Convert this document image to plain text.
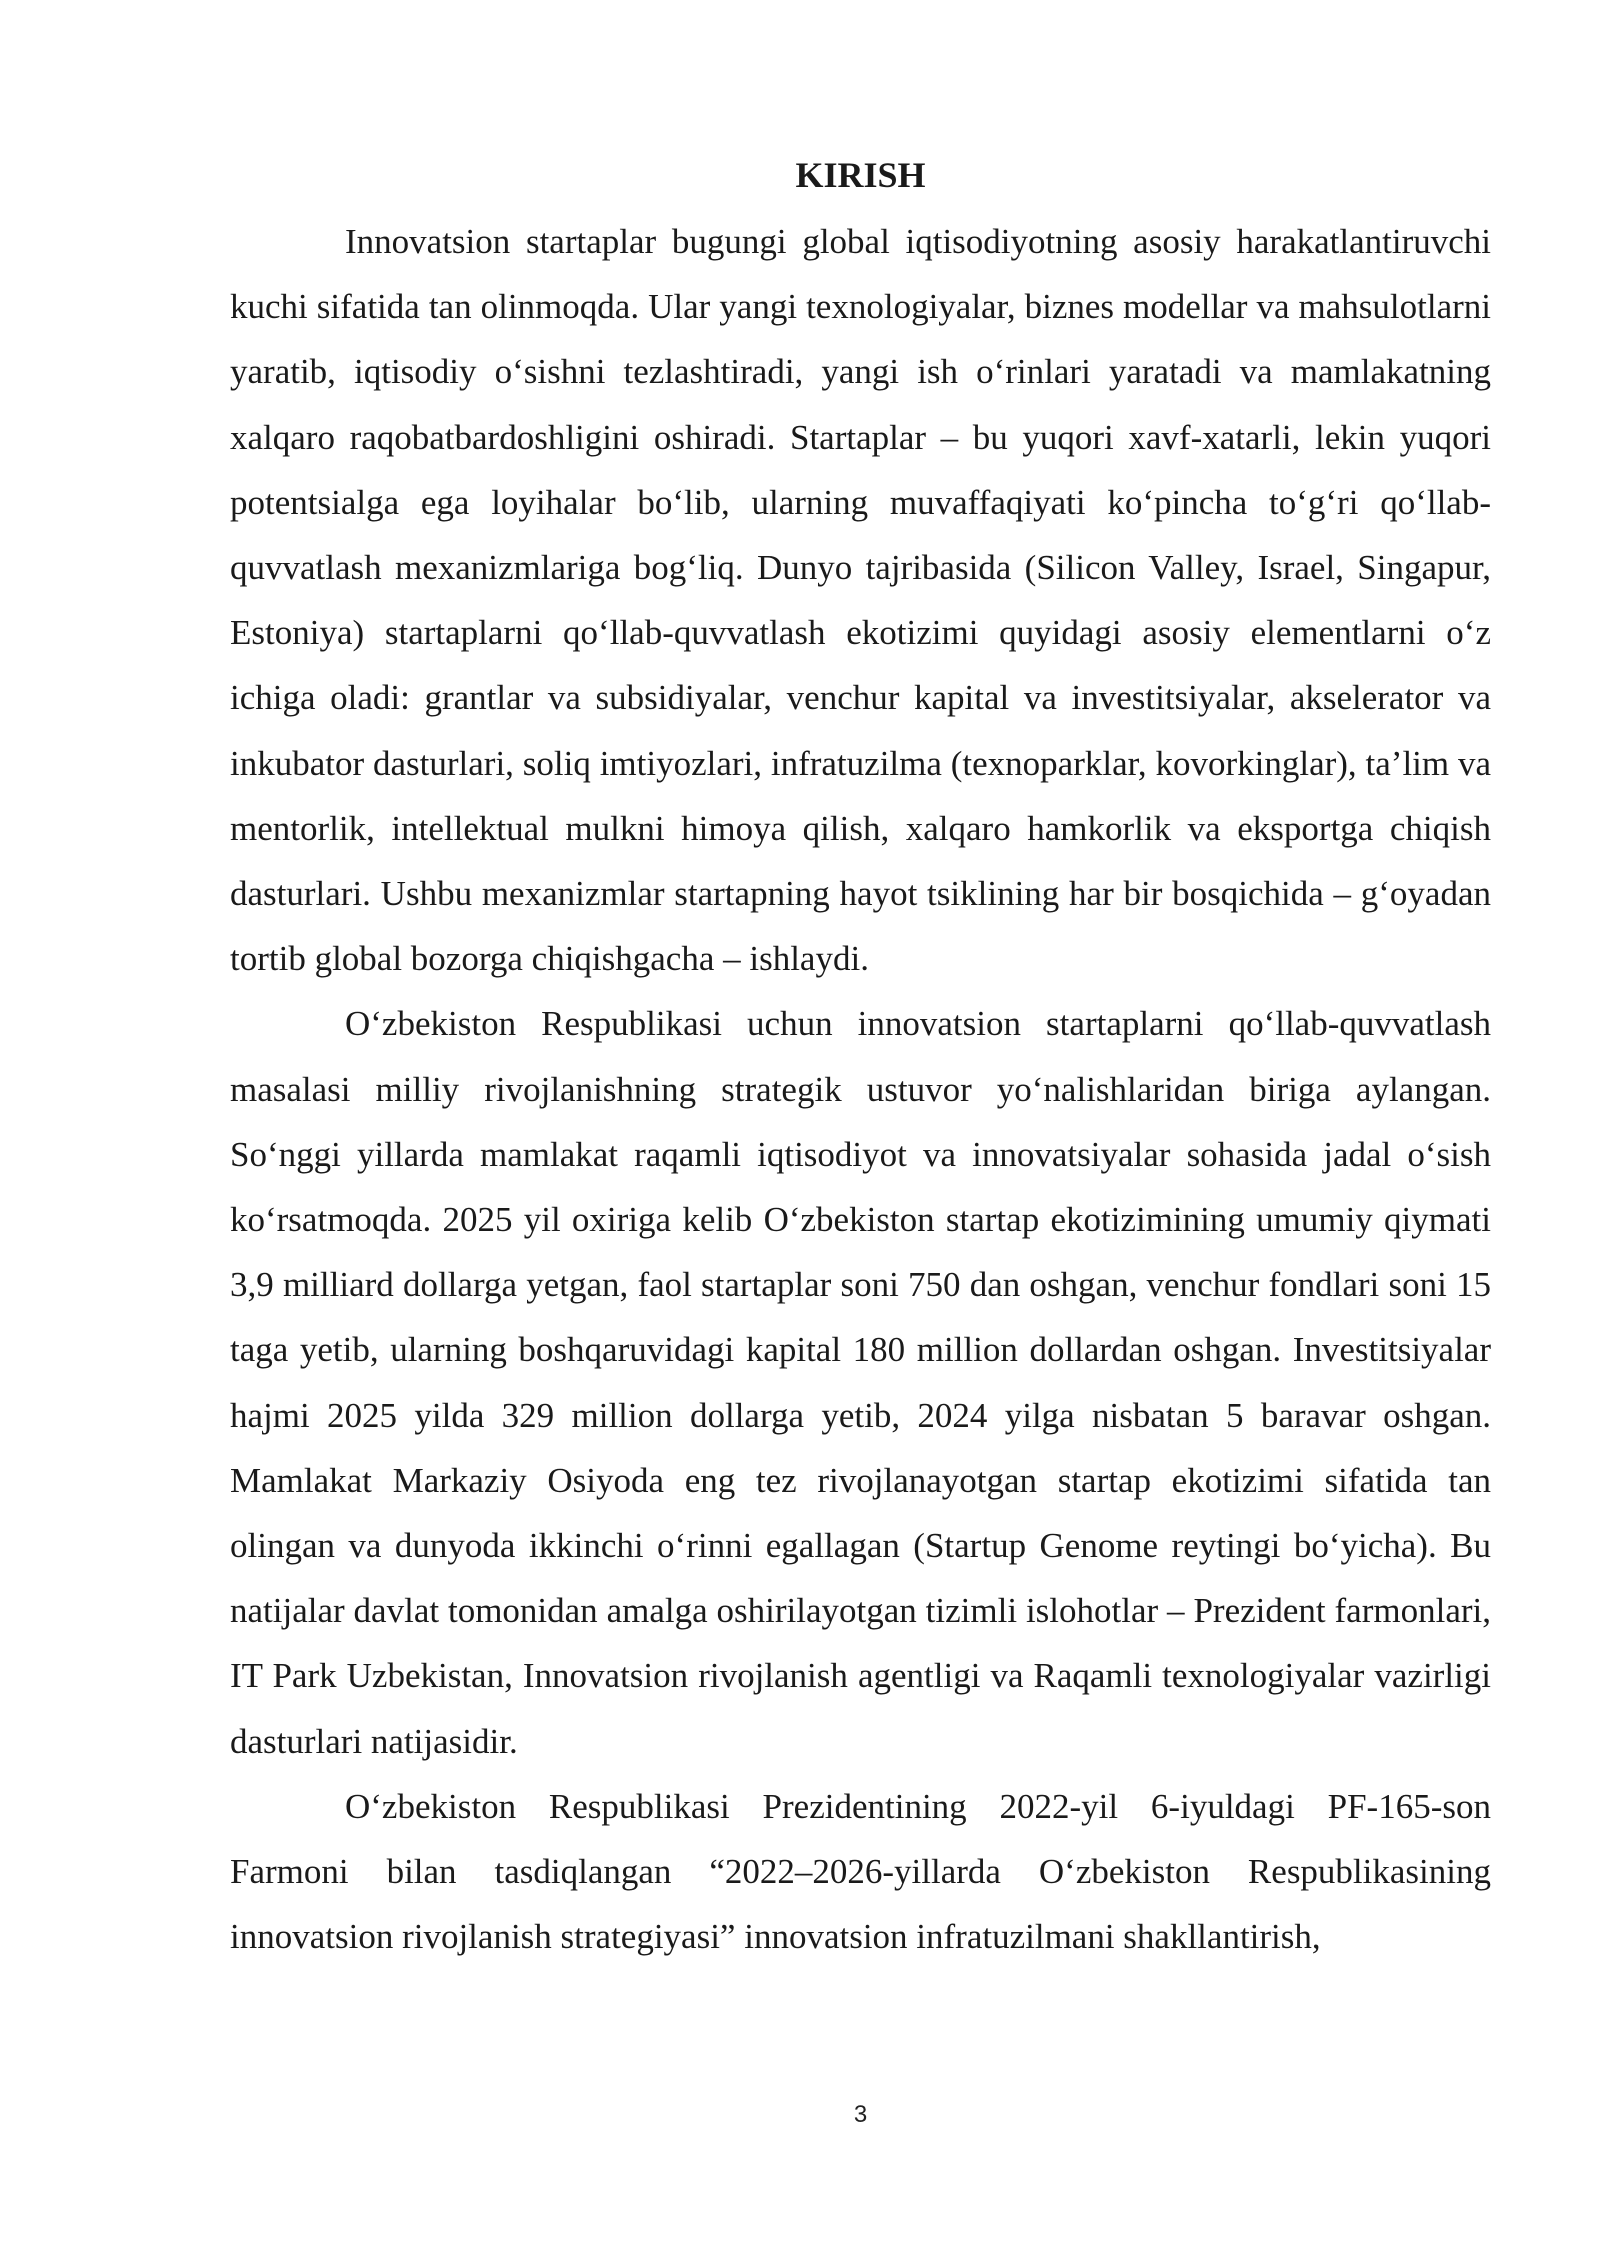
KIRISH

Innovatsion startaplar bugungi global iqtisodiyotning asosiy harakatlantiruvchi kuchi sifatida tan olinmoqda. Ular yangi texnologiyalar, biznes modellar va mahsulotlarni yaratib, iqtisodiy o‘sishni tezlashtiradi, yangi ish o‘rinlari yaratadi va mamlakatning xalqaro raqobatbardoshligini oshiradi. Startaplar – bu yuqori xavf-xatarli, lekin yuqori potentsialga ega loyihalar bo‘lib, ularning muvaffaqiyati ko‘pincha to‘g‘ri qo‘llab-quvvatlash mexanizmlariga bog‘liq. Dunyo tajribasida (Silicon Valley, Israel, Singapur, Estoniya) startaplarni qo‘llab-quvvatlash ekotizimi quyidagi asosiy elementlarni o‘z ichiga oladi: grantlar va subsidiyalar, venchur kapital va investitsiyalar, akselerator va inkubator dasturlari, soliq imtiyozlari, infratuzilma (texnoparklar, kovorkinglar), ta’lim va mentorlik, intellektual mulkni himoya qilish, xalqaro hamkorlik va eksportga chiqish dasturlari. Ushbu mexanizmlar startapning hayot tsiklining har bir bosqichida – g‘oyadan tortib global bozorga chiqishgacha – ishlaydi.

O‘zbekiston Respublikasi uchun innovatsion startaplarni qo‘llab-quvvatlash masalasi milliy rivojlanishning strategik ustuvor yo‘nalishlaridan biriga aylangan. So‘nggi yillarda mamlakat raqamli iqtisodiyot va innovatsiyalar sohasida jadal o‘sish ko‘rsatmoqda. 2025 yil oxiriga kelib O‘zbekiston startap ekotizimining umumiy qiymati 3,9 milliard dollarga yetgan, faol startaplar soni 750 dan oshgan, venchur fondlari soni 15 taga yetib, ularning boshqaruvidagi kapital 180 million dollardan oshgan. Investitsiyalar hajmi 2025 yilda 329 million dollarga yetib, 2024 yilga nisbatan 5 baravar oshgan. Mamlakat Markaziy Osiyoda eng tez rivojlanayotgan startap ekotizimi sifatida tan olingan va dunyoda ikkinchi o‘rinni egallagan (Startup Genome reytingi bo‘yicha). Bu natijalar davlat tomonidan amalga oshirilayotgan tizimli islohotlar – Prezident farmonlari, IT Park Uzbekistan, Innovatsion rivojlanish agentligi va Raqamli texnologiyalar vazirligi dasturlari natijasidir.

O‘zbekiston Respublikasi Prezidentining 2022-yil 6-iyuldagi PF-165-son Farmoni bilan tasdiqlangan “2022–2026-yillarda O‘zbekiston Respublikasining innovatsion rivojlanish strategiyasi” innovatsion infratuzilmani shakllantirish,

3
